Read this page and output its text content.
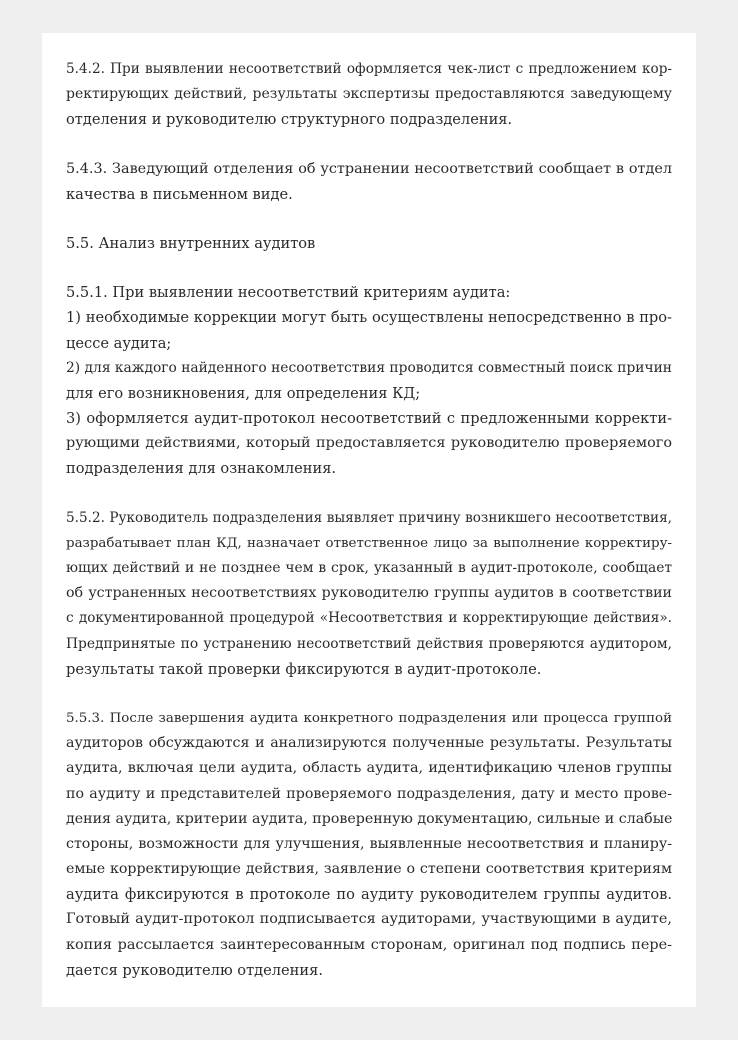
5.4.2. При выявлении несоответствий оформляется чек-лист с предложением кор-
ректирующих действий, результаты экспертизы предоставляются заведующему
отделения и руководителю структурного подразделения.
5.4.3. Заведующий отделения об устранении несоответствий сообщает в отдел
качества в письменном виде.
5.5. Анализ внутренних аудитов
5.5.1. При выявлении несоответствий критериям аудита:
1) необходимые коррекции могут быть осуществлены непосредственно в про-
цессе аудита;
2) для каждого найденного несоответствия проводится совместный поиск причин
для его возникновения, для определения КД;
3) оформляется аудит-протокол несоответствий с предложенными корректи-
рующими действиями, который предоставляется руководителю проверяемого
подразделения для ознакомления.
5.5.2. Руководитель подразделения выявляет причину возникшего несоответствия,
разрабатывает план КД, назначает ответственное лицо за выполнение корректиру-
ющих действий и не позднее чем в срок, указанный в аудит-протоколе, сообщает
об устраненных несоответствиях руководителю группы аудитов в соответствии
с документированной процедурой «Несоответствия и корректирующие действия».
Предпринятые по устранению несоответствий действия проверяются аудитором,
результаты такой проверки фиксируются в аудит-протоколе.
5.5.3. После завершения аудита конкретного подразделения или процесса группой
аудиторов обсуждаются и анализируются полученные результаты. Результаты
аудита, включая цели аудита, область аудита, идентификацию членов группы
по аудиту и представителей проверяемого подразделения, дату и место прове-
дения аудита, критерии аудита, проверенную документацию, сильные и слабые
стороны, возможности для улучшения, выявленные несоответствия и планиру-
емые корректирующие действия, заявление о степени соответствия критериям
аудита фиксируются в протоколе по аудиту руководителем группы аудитов.
Готовый аудит-протокол подписывается аудиторами, участвующими в аудите,
копия рассылается заинтересованным сторонам, оригинал под подпись пере-
дается руководителю отделения.
